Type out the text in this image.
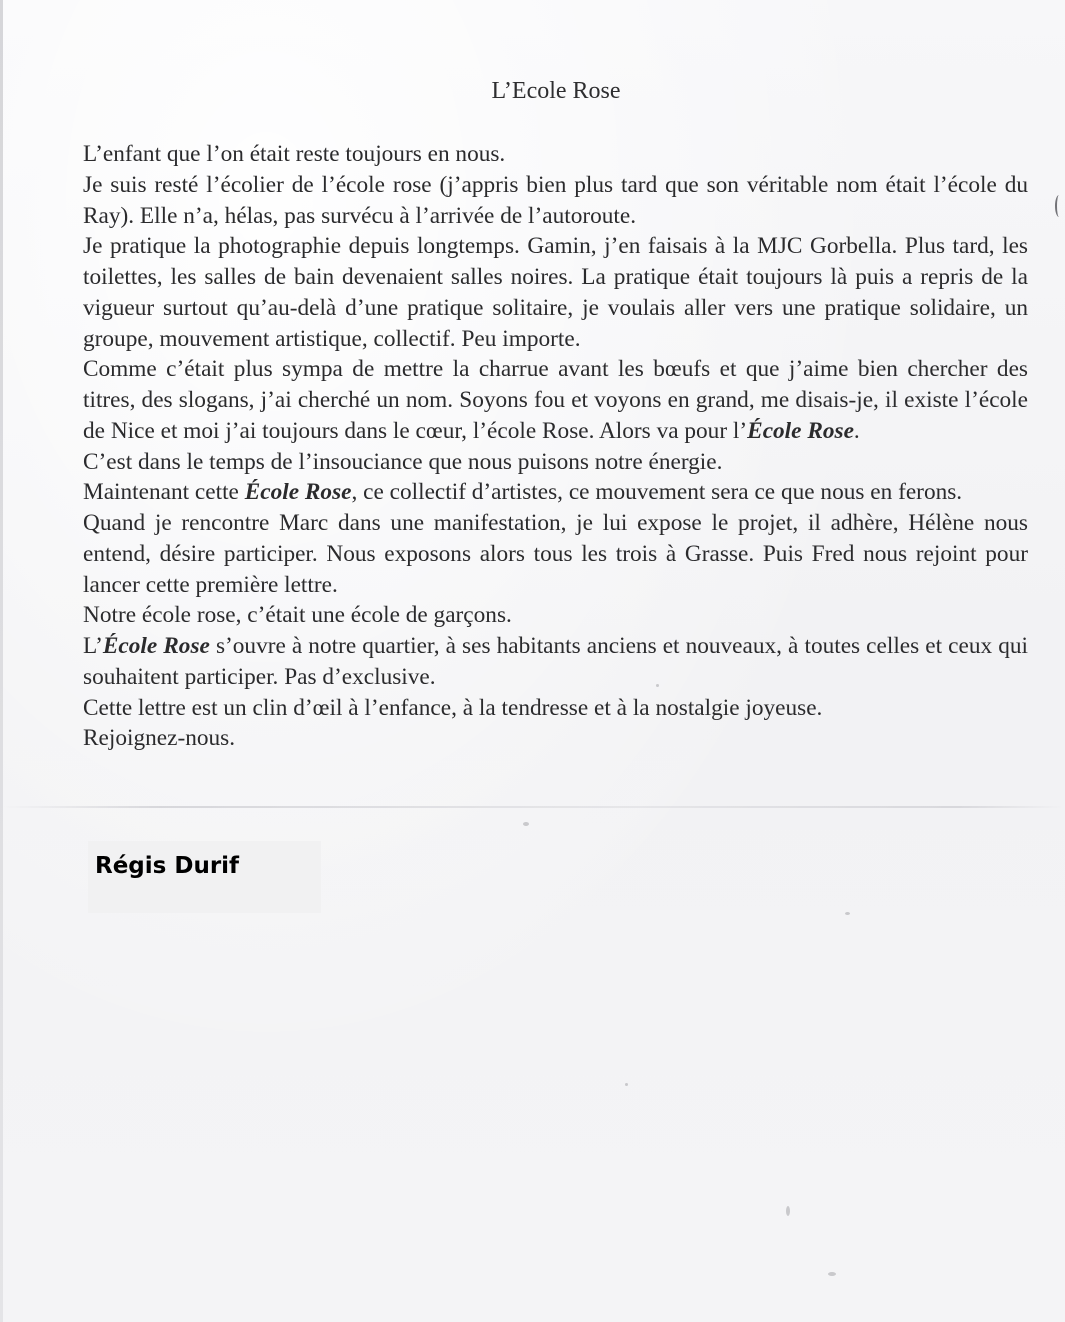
L’Ecole Rose

L’enfant que l’on était reste toujours en nous.

Je suis resté l’écolier de l’école rose (j’appris bien plus tard que son véritable nom était l’école du Ray). Elle n’a, hélas, pas survécu à l’arrivée de l’autoroute.

Je pratique la photographie depuis longtemps. Gamin, j’en faisais à la MJC Gorbella. Plus tard, les toilettes, les salles de bain devenaient salles noires. La pratique était toujours là puis a repris de la vigueur surtout qu’au-delà d’une pratique solitaire, je voulais aller vers une pratique solidaire, un groupe, mouvement artistique, collectif. Peu importe.

Comme c’était plus sympa de mettre la charrue avant les bœufs et que j’aime bien chercher des titres, des slogans, j’ai cherché un nom. Soyons fou et voyons en grand, me disais-je, il existe l’école de Nice et moi j’ai toujours dans le cœur, l’école Rose. Alors va pour l’École Rose.

C’est dans le temps de l’insouciance que nous puisons notre énergie.

Maintenant cette École Rose, ce collectif d’artistes, ce mouvement sera ce que nous en ferons.

Quand je rencontre Marc dans une manifestation, je lui expose le projet, il adhère, Hélène nous entend, désire participer. Nous exposons alors tous les trois à Grasse. Puis Fred nous rejoint pour lancer cette première lettre.

Notre école rose, c’était une école de garçons.

L’École Rose s’ouvre à notre quartier, à ses habitants anciens et nouveaux, à toutes celles et ceux qui souhaitent participer. Pas d’exclusive.

Cette lettre est un clin d’œil à l’enfance, à la tendresse et à la nostalgie joyeuse.

Rejoignez-nous.

Régis Durif
